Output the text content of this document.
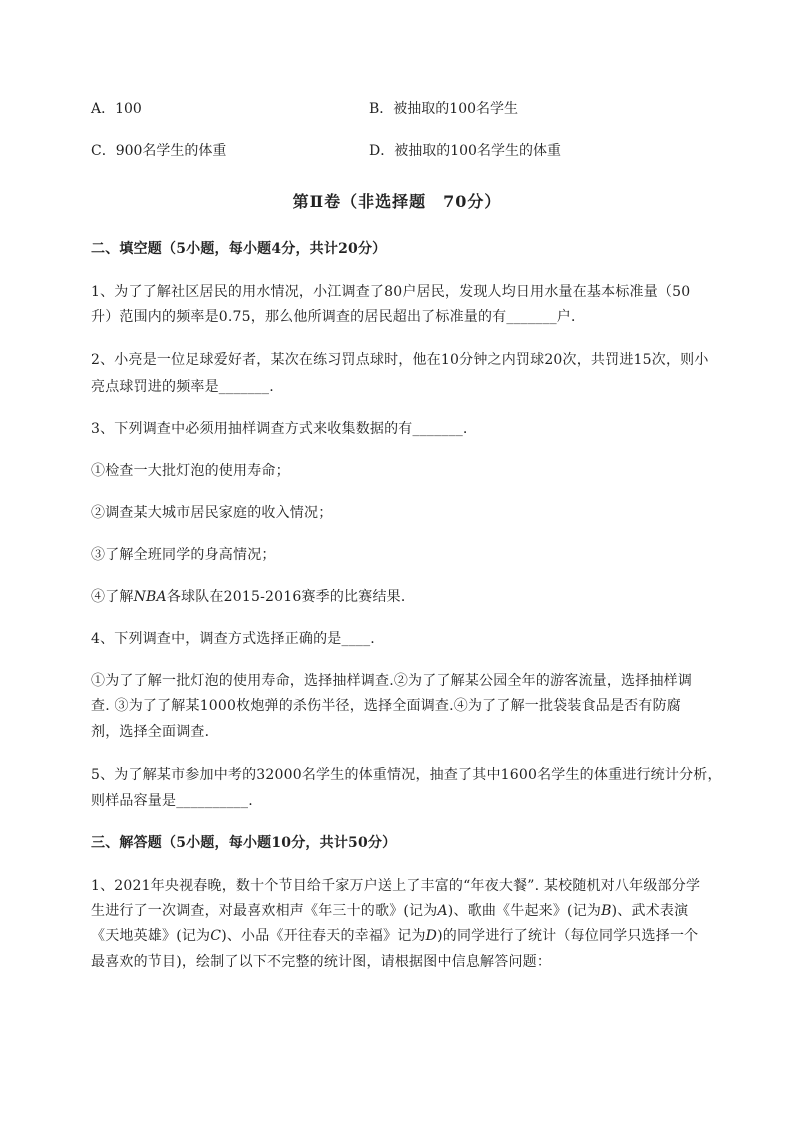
A．100	B．被抽取的100名学生
C．900名学生的体重	D．被抽取的100名学生的体重
第Ⅱ卷（非选择题　70分）
二、填空题（5小题，每小题4分，共计20分）
1、为了了解社区居民的用水情况，小江调查了80户居民，发现人均日用水量在基本标准量（50
升）范围内的频率是0.75，那么他所调查的居民超出了标准量的有_______户．
2、小亮是一位足球爱好者，某次在练习罚点球时，他在10分钟之内罚球20次，共罚进15次，则小
亮点球罚进的频率是_______.
3、下列调查中必须用抽样调查方式来收集数据的有_______.
①检查一大批灯泡的使用寿命；
②调查某大城市居民家庭的收入情况；
③了解全班同学的身高情况；
④了解NBA各球队在2015-2016赛季的比赛结果．
4、下列调查中，调查方式选择正确的是____.
①为了了解一批灯泡的使用寿命，选择抽样调查.②为了了解某公园全年的游客流量，选择抽样调
查. ③为了了解某1000枚炮弹的杀伤半径，选择全面调查.④为了了解一批袋装食品是否有防腐
剂，选择全面调查．
5、为了解某市参加中考的32000名学生的体重情况，抽查了其中1600名学生的体重进行统计分析，
则样品容量是__________.
三、解答题（5小题，每小题10分，共计50分）
1、2021年央视春晚，数十个节目给千家万户送上了丰富的“年夜大餐”. 某校随机对八年级部分学
生进行了一次调查，对最喜欢相声《年三十的歌》(记为A)、歌曲《牛起来》(记为B)、武术表演
《天地英雄》(记为C)、小品《开往春天的幸福》记为D)的同学进行了统计（每位同学只选择一个
最喜欢的节目)，绘制了以下不完整的统计图，请根据图中信息解答问题：
